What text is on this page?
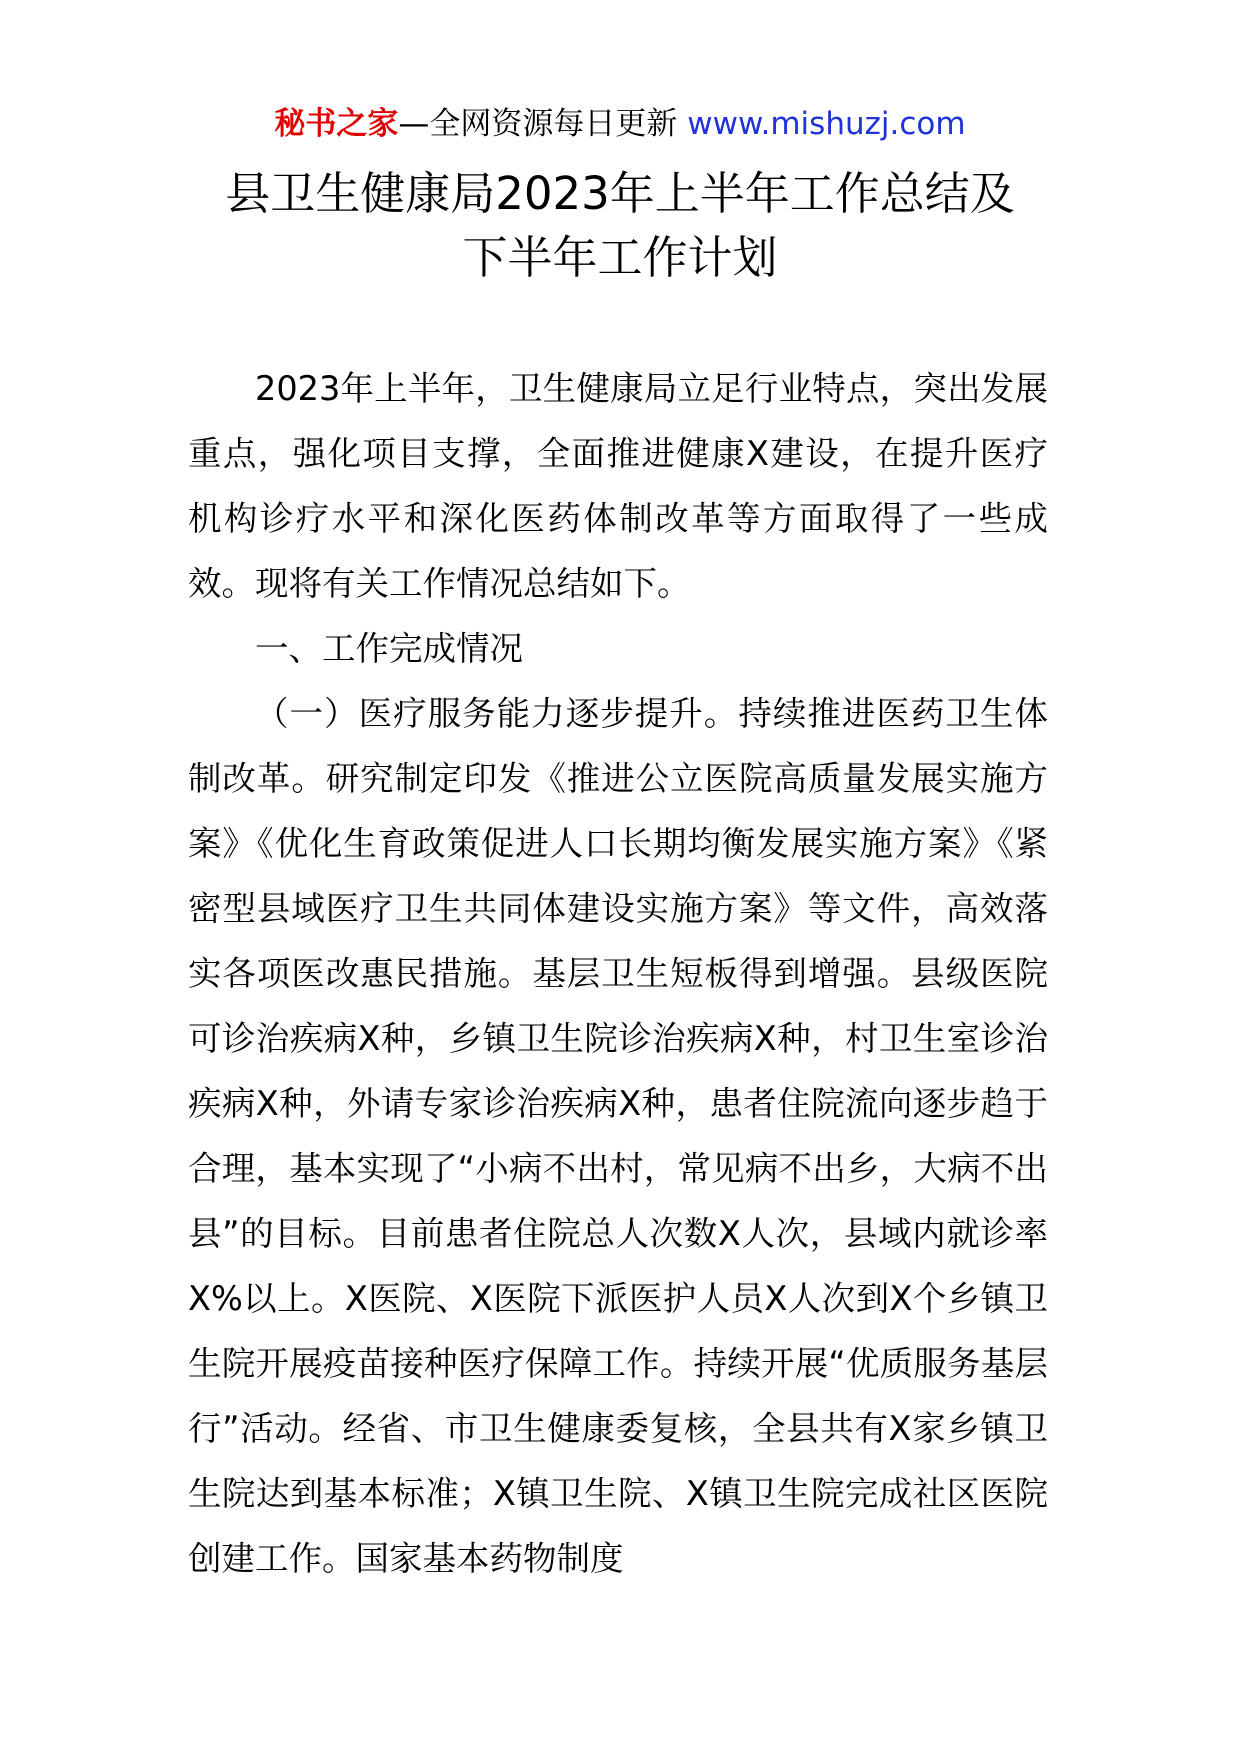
秘书之家—全网资源每日更新 www.mishuzj.com
县卫生健康局2023年上半年工作总结及
下半年工作计划

2023年上半年，卫生健康局立足行业特点，突出发展重点，强化项目支撑，全面推进健康X建设，在提升医疗机构诊疗水平和深化医药体制改革等方面取得了一些成效。现将有关工作情况总结如下。

一、工作完成情况

（一）医疗服务能力逐步提升。持续推进医药卫生体制改革。研究制定印发《推进公立医院高质量发展实施方案》《优化生育政策促进人口长期均衡发展实施方案》《紧密型县域医疗卫生共同体建设实施方案》等文件，高效落实各项医改惠民措施。基层卫生短板得到增强。县级医院可诊治疾病X种，乡镇卫生院诊治疾病X种，村卫生室诊治疾病X种，外请专家诊治疾病X种，患者住院流向逐步趋于合理，基本实现了“小病不出村，常见病不出乡，大病不出县”的目标。目前患者住院总人次数X人次，县域内就诊率X%以上。X医院、X医院下派医护人员X人次到X个乡镇卫生院开展疫苗接种医疗保障工作。持续开展“优质服务基层行”活动。经省、市卫生健康委复核，全县共有X家乡镇卫生院达到基本标准；X镇卫生院、X镇卫生院完成社区医院创建工作。国家基本药物制度
